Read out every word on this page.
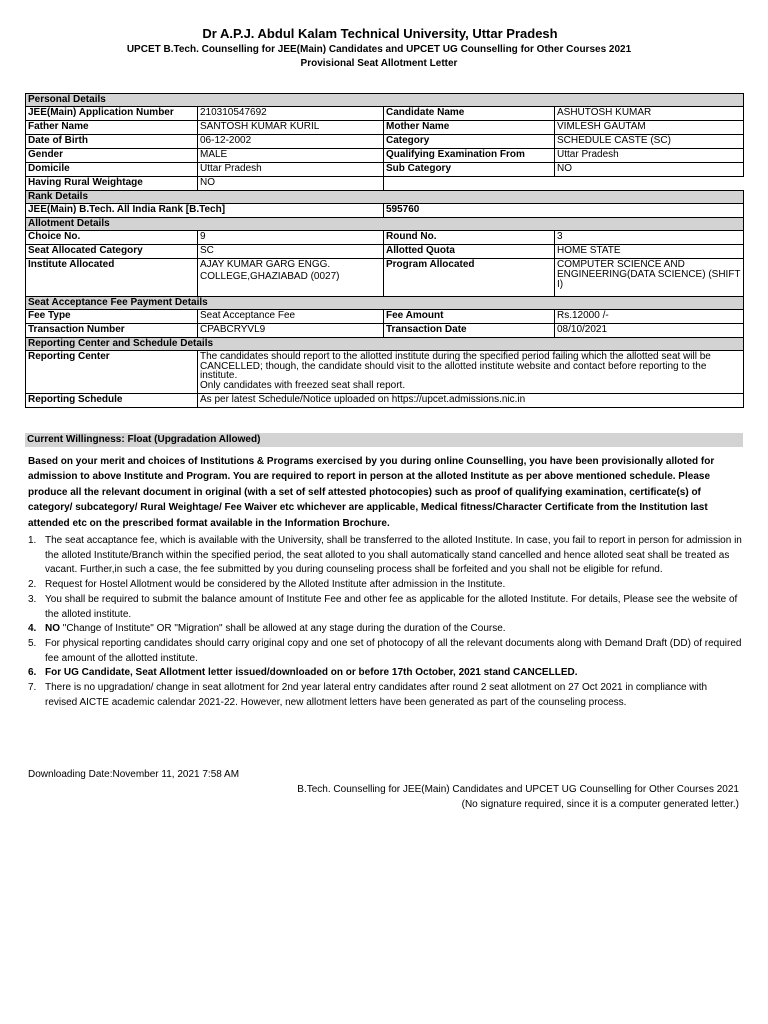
Dr A.P.J. Abdul Kalam Technical University, Uttar Pradesh
UPCET B.Tech. Counselling for JEE(Main) Candidates and UPCET UG Counselling for Other Courses 2021
Provisional Seat Allotment Letter
Personal Details			
JEE(Main) Application Number	210310547692	Candidate Name	ASHUTOSH KUMAR
Father Name	SANTOSH KUMAR KURIL	Mother Name	VIMLESH GAUTAM
Date of Birth	06-12-2002	Category	SCHEDULE CASTE (SC)
Gender	MALE	Qualifying Examination From	Uttar Pradesh
Domicile	Uttar Pradesh	Sub Category	NO
Having Rural Weightage	NO		
Rank Details			
JEE(Main) B.Tech. All India Rank [B.Tech]		595760	
Allotment Details			
Choice No.	9	Round No.	3
Seat Allocated Category	SC	Allotted Quota	HOME STATE
Institute Allocated	AJAY KUMAR GARG ENGG. COLLEGE,GHAZIABAD (0027)	Program Allocated	COMPUTER SCIENCE AND ENGINEERING(DATA SCIENCE) (SHIFT I)
Seat Acceptance Fee Payment Details			
Fee Type	Seat Acceptance Fee	Fee Amount	Rs.12000 /-
Transaction Number	CPABCRYVL9	Transaction Date	08/10/2021
Reporting Center and Schedule Details			
Reporting Center	The candidates should report to the allotted institute during the specified period failing which the allotted seat will be CANCELLED; though, the candidate should visit to the allotted institute website and contact before reporting to the institute.
Only candidates with freezed seat shall report.		
Reporting Schedule	As per latest Schedule/Notice uploaded on https://upcet.admissions.nic.in		
Current Willingness: Float (Upgradation Allowed)
Based on your merit and choices of Institutions & Programs exercised by you during online Counselling, you have been provisionally alloted for admission to above Institute and Program. You are required to report in person at the alloted Institute as per above mentioned schedule. Please produce all the relevant document in original (with a set of self attested photocopies) such as proof of qualifying examination, certificate(s) of category/ subcategory/ Rural Weightage/ Fee Waiver etc whichever are applicable, Medical fitness/Character Certificate from the Institution last attended etc on the prescribed format available in the Information Brochure.
1. The seat accaptance fee, which is available with the University, shall be transferred to the alloted Institute. In case, you fail to report in person for admission in the alloted Institute/Branch within the specified period, the seat alloted to you shall automatically stand cancelled and hence alloted seat shall be treated as vacant. Further,in such a case, the fee submitted by you during counseling process shall be forfeited and you shall not be eligible for refund.
2. Request for Hostel Allotment would be considered by the Alloted Institute after admission in the Institute.
3. You shall be required to submit the balance amount of Institute Fee and other fee as applicable for the alloted Institute. For details, Please see the website of the alloted institute.
4. NO "Change of Institute" OR "Migration" shall be allowed at any stage during the duration of the Course.
5. For physical reporting candidates should carry original copy and one set of photocopy of all the relevant documents along with Demand Draft (DD) of required fee amount of the allotted institute.
6. For UG Candidate, Seat Allotment letter issued/downloaded on or before 17th October, 2021 stand CANCELLED.
7. There is no upgradation/ change in seat allotment for 2nd year lateral entry candidates after round 2 seat allotment on 27 Oct 2021 in compliance with revised AICTE academic calendar 2021-22. However, new allotment letters have been generated as part of the counseling process.
Downloading Date:November 11, 2021 7:58 AM
B.Tech. Counselling for JEE(Main) Candidates and UPCET UG Counselling for Other Courses 2021
(No signature required, since it is a computer generated letter.)
